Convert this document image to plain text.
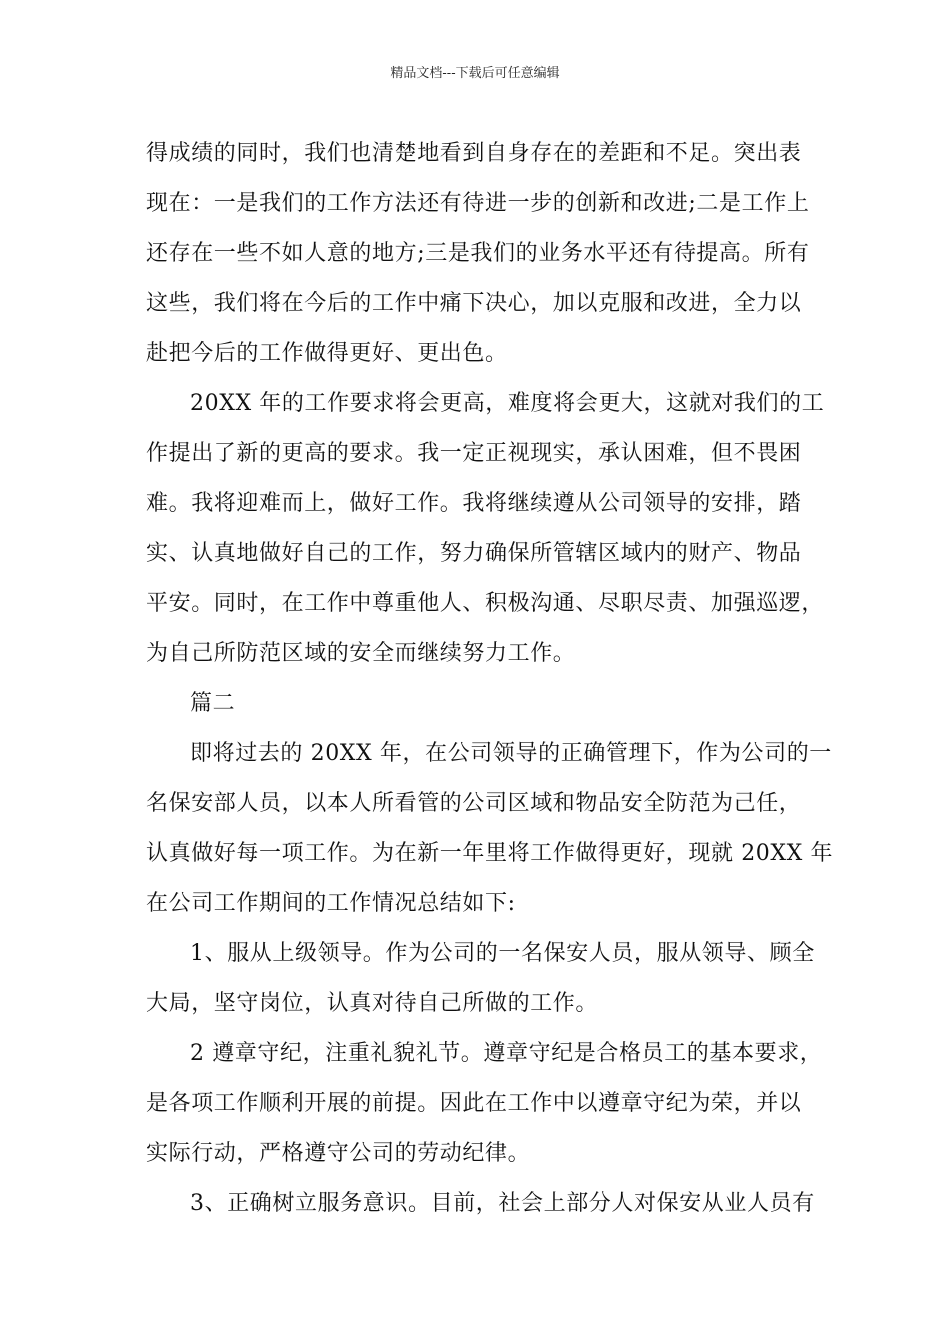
精品文档---下载后可任意编辑
得成绩的同时，我们也清楚地看到自身存在的差距和不足。突出表
现在：一是我们的工作方法还有待进一步的创新和改进;二是工作上
还存在一些不如人意的地方;三是我们的业务水平还有待提高。所有
这些，我们将在今后的工作中痛下决心，加以克服和改进，全力以
赴把今后的工作做得更好、更出色。
20XX 年的工作要求将会更高，难度将会更大，这就对我们的工
作提出了新的更高的要求。我一定正视现实，承认困难，但不畏困
难。我将迎难而上，做好工作。我将继续遵从公司领导的安排，踏
实、认真地做好自己的工作，努力确保所管辖区域内的财产、物品
平安。同时，在工作中尊重他人、积极沟通、尽职尽责、加强巡逻，
为自己所防范区域的安全而继续努力工作。
篇二
即将过去的 20XX 年，在公司领导的正确管理下，作为公司的一
名保安部人员，以本人所看管的公司区域和物品安全防范为己任，
认真做好每一项工作。为在新一年里将工作做得更好，现就 20XX 年
在公司工作期间的工作情况总结如下:
1、服从上级领导。作为公司的一名保安人员，服从领导、顾全
大局，坚守岗位，认真对待自己所做的工作。
2 遵章守纪，注重礼貌礼节。遵章守纪是合格员工的基本要求，
是各项工作顺利开展的前提。因此在工作中以遵章守纪为荣，并以
实际行动，严格遵守公司的劳动纪律。
3、正确树立服务意识。目前，社会上部分人对保安从业人员有
